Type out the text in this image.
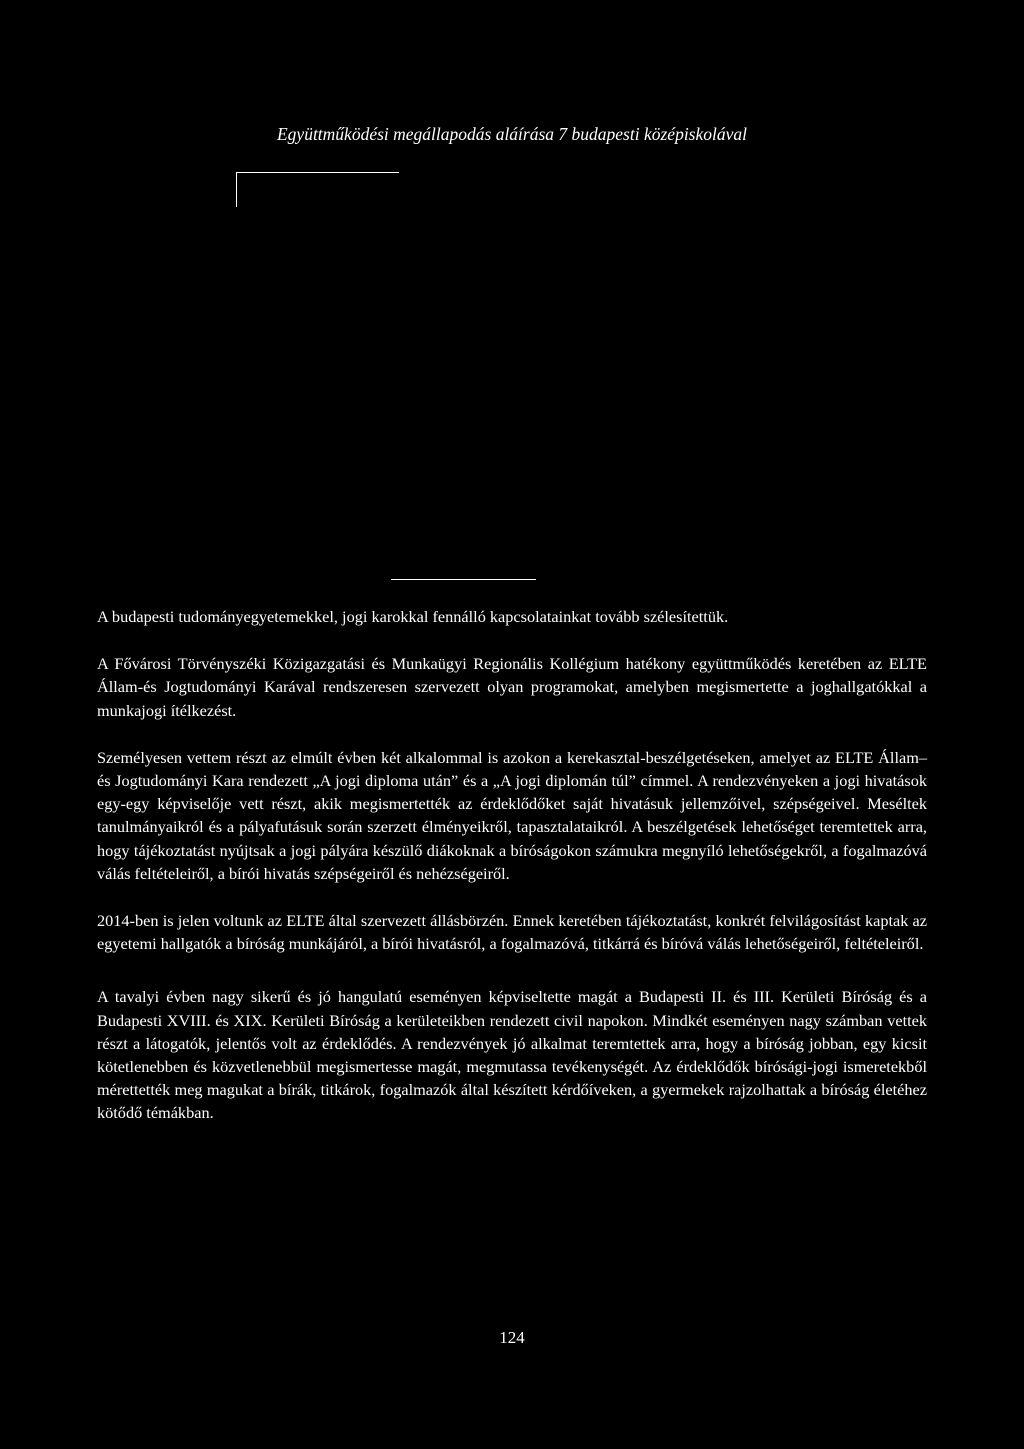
Együttműködési megállapodás aláírása 7 budapesti középiskolával

A budapesti tudományegyetemekkel, jogi karokkal fennálló kapcsolatainkat tovább szélesítettük.

A Fővárosi Törvényszéki Közigazgatási és Munkaügyi Regionális Kollégium hatékony együttműködés keretében az ELTE Állam-és Jogtudományi Karával rendszeresen szervezett olyan programokat, amelyben megismertette a joghallgatókkal a munkajogi ítélkezést.

Személyesen vettem részt az elmúlt évben két alkalommal is azokon a kerekasztal-beszélgetéseken, amelyet az ELTE Állam– és Jogtudományi Kara rendezett „A jogi diploma után” és a „A jogi diplomán túl” címmel. A rendezvényeken a jogi hivatások egy-egy képviselője vett részt, akik megismertették az érdeklődőket saját hivatásuk jellemzőivel, szépségeivel. Meséltek tanulmányaikról és a pályafutásuk során szerzett élményeikről, tapasztalataikról. A beszélgetések lehetőséget teremtettek arra, hogy tájékoztatást nyújtsak a jogi pályára készülő diákoknak a bíróságokon számukra megnyíló lehetőségekről, a fogalmazóvá válás feltételeiről, a bírói hivatás szépségeiről és nehézségeiről.

2014-ben is jelen voltunk az ELTE által szervezett állásbörzén. Ennek keretében tájékoztatást, konkrét felvilágosítást kaptak az egyetemi hallgatók a bíróság munkájáról, a bírói hivatásról, a fogalmazóvá, titkárrá és bíróvá válás lehetőségeiről, feltételeiről.

A tavalyi évben nagy sikerű és jó hangulatú eseményen képviseltette magát a Budapesti II. és III. Kerületi Bíróság és a Budapesti XVIII. és XIX. Kerületi Bíróság a kerületeikben rendezett civil napokon. Mindkét eseményen nagy számban vettek részt a látogatók, jelentős volt az érdeklődés. A rendezvények jó alkalmat teremtettek arra, hogy a bíróság jobban, egy kicsit kötetlenebben és közvetlenebbül megismertesse magát, megmutassa tevékenységét. Az érdeklődők bírósági-jogi ismeretekből mérettették meg magukat a bírák, titkárok, fogalmazók által készített kérdőíveken, a gyermekek rajzolhattak a bíróság életéhez kötődő témákban.

124
